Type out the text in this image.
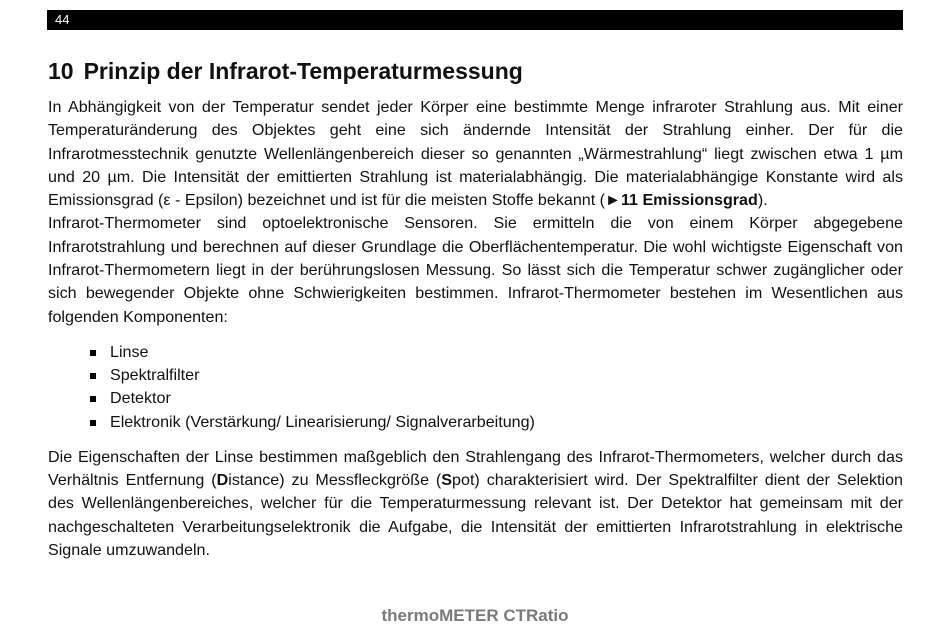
44
10 Prinzip der Infrarot-Temperaturmessung

In Abhängigkeit von der Temperatur sendet jeder Körper eine bestimmte Menge infraroter Strahlung aus. Mit einer Temperaturänderung des Objektes geht eine sich ändernde Intensität der Strahlung einher. Der für die Infrarotmesstechnik genutzte Wellenlängenbereich dieser so genannten „Wärmestrahlung“ liegt zwischen etwa 1 µm und 20 µm. Die Intensität der emittierten Strahlung ist materialabhängig. Die materialabhängige Konstante wird als Emissionsgrad (ε - Epsilon) bezeichnet und ist für die meisten Stoffe bekannt (►11 Emissionsgrad).

Infrarot-Thermometer sind optoelektronische Sensoren. Sie ermitteln die von einem Körper abgegebene Infrarotstrahlung und berechnen auf dieser Grundlage die Oberflächentemperatur. Die wohl wichtigste Eigenschaft von Infrarot-Thermometern liegt in der berührungslosen Messung. So lässt sich die Temperatur schwer zugänglicher oder sich bewegender Objekte ohne Schwierigkeiten bestimmen. Infrarot-Thermometer bestehen im Wesentlichen aus folgenden Komponenten:

Linse
Spektralfilter
Detektor
Elektronik (Verstärkung/ Linearisierung/ Signalverarbeitung)

Die Eigenschaften der Linse bestimmen maßgeblich den Strahlengang des Infrarot-Thermometers, welcher durch das Verhältnis Entfernung (Distance) zu Messfleckgröße (Spot) charakterisiert wird. Der Spektralfilter dient der Selektion des Wellenlängenbereiches, welcher für die Temperaturmessung relevant ist. Der Detektor hat gemeinsam mit der nachgeschalteten Verarbeitungselektronik die Aufgabe, die Intensität der emittierten Infrarotstrahlung in elektrische Signale umzuwandeln.

thermoMETER CTRatio
